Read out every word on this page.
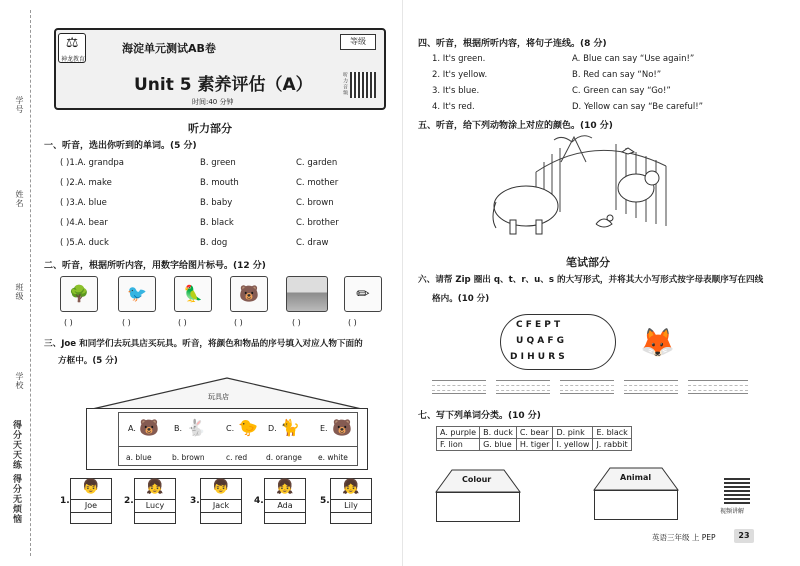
学号
姓名
班级
学校
得分天天练 得分无烦恼
⚖
神龙教育
海淀单元测试AB卷
Unit 5 素养评估（A）
时间:40 分钟
等级
听力音频
听力部分
一、听音，选出你听到的单词。(5 分)
( )1.A. grandpa	B. green	C. garden
( )2.A. make	B. mouth	C. mother
( )3.A. blue	B. baby	C. brown
( )4.A. bear	B. black	C. brother
( )5.A. duck	B. dog	C. draw
二、听音，根据所听内容，用数字给图片标号。(12 分)
🌳	🐦	🦜	🐻	✏
( )	( )	( )	( )	( )	( )
三、Joe 和同学们去玩具店买玩具。听音，将颜色和物品的序号填入对应人物下面的
方框中。(5 分)
玩具店
A. 🐻 B. 🐇	C. 🐤 D. 🐈	E. 🐻
a. blue	b. brown	c. red	d. orange e. white
1.
👦
Joe	2.
👧
Lucy	3.
👦
Jack	4.
👧
Ada	5.
👧
Lily
四、听音，根据所听内容，将句子连线。(8 分)
1. It's green.
2. It's yellow.
3. It's blue.
4. It's red.
A. Blue can say “Use again!”
B. Red can say “No!”
C. Green can say “Go!”
D. Yellow can say “Be careful!”
五、听音，给下列动物涂上对应的颜色。(10 分)
笔试部分
六、请帮 Zip 圈出 q、t、r、u、s 的大写形式，并将其大小写形式按字母表顺序写在四线
格内。(10 分)
C F E P T
U Q A F G
D I H U R S	🦊
七、写下列单词分类。(10 分)
A. purple	B. duck	C. bear	D. pink	E. black
F. lion	G. blue	H. tiger	I. yellow	J. rabbit
Colour	Animal
视频讲解
英语三年级 上 PEP	23
